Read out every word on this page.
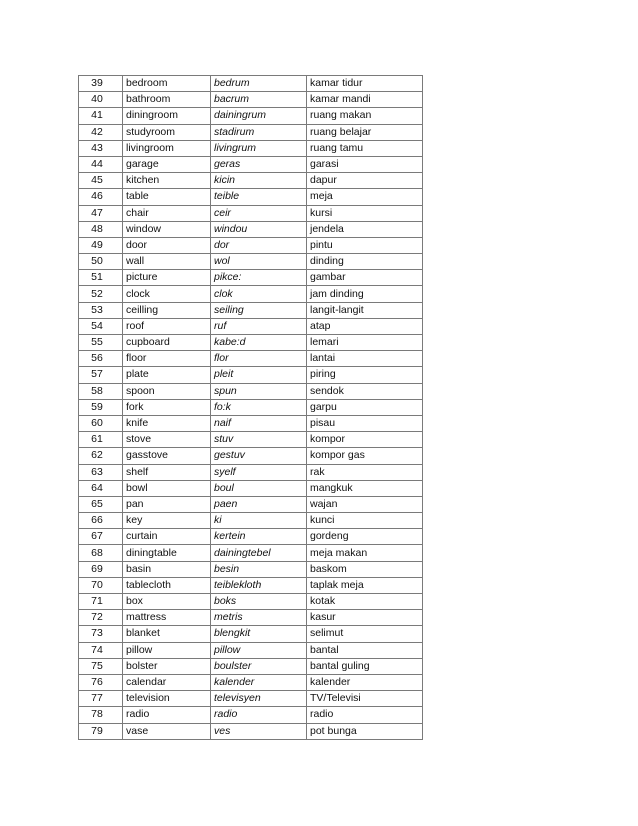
39	bedroom	bedrum	kamar tidur
40	bathroom	bacrum	kamar mandi
41	diningroom	dainingrum	ruang makan
42	studyroom	stadirum	ruang belajar
43	livingroom	livingrum	ruang tamu
44	garage	geras	garasi
45	kitchen	kicin	dapur
46	table	teible	meja
47	chair	ceir	kursi
48	window	windou	jendela
49	door	dor	pintu
50	wall	wol	dinding
51	picture	pikce:	gambar
52	clock	clok	jam dinding
53	ceilling	seiling	langit-langit
54	roof	ruf	atap
55	cupboard	kabe:d	lemari
56	floor	flor	lantai
57	plate	pleit	piring
58	spoon	spun	sendok
59	fork	fo:k	garpu
60	knife	naif	pisau
61	stove	stuv	kompor
62	gasstove	gestuv	kompor gas
63	shelf	syelf	rak
64	bowl	boul	mangkuk
65	pan	paen	wajan
66	key	ki	kunci
67	curtain	kertein	gordeng
68	diningtable	dainingtebel	meja makan
69	basin	besin	baskom
70	tablecloth	teiblekloth	taplak meja
71	box	boks	kotak
72	mattress	metris	kasur
73	blanket	blengkit	selimut
74	pillow	pillow	bantal
75	bolster	boulster	bantal guling
76	calendar	kalender	kalender
77	television	televisyen	TV/Televisi
78	radio	radio	radio
79	vase	ves	pot bunga
